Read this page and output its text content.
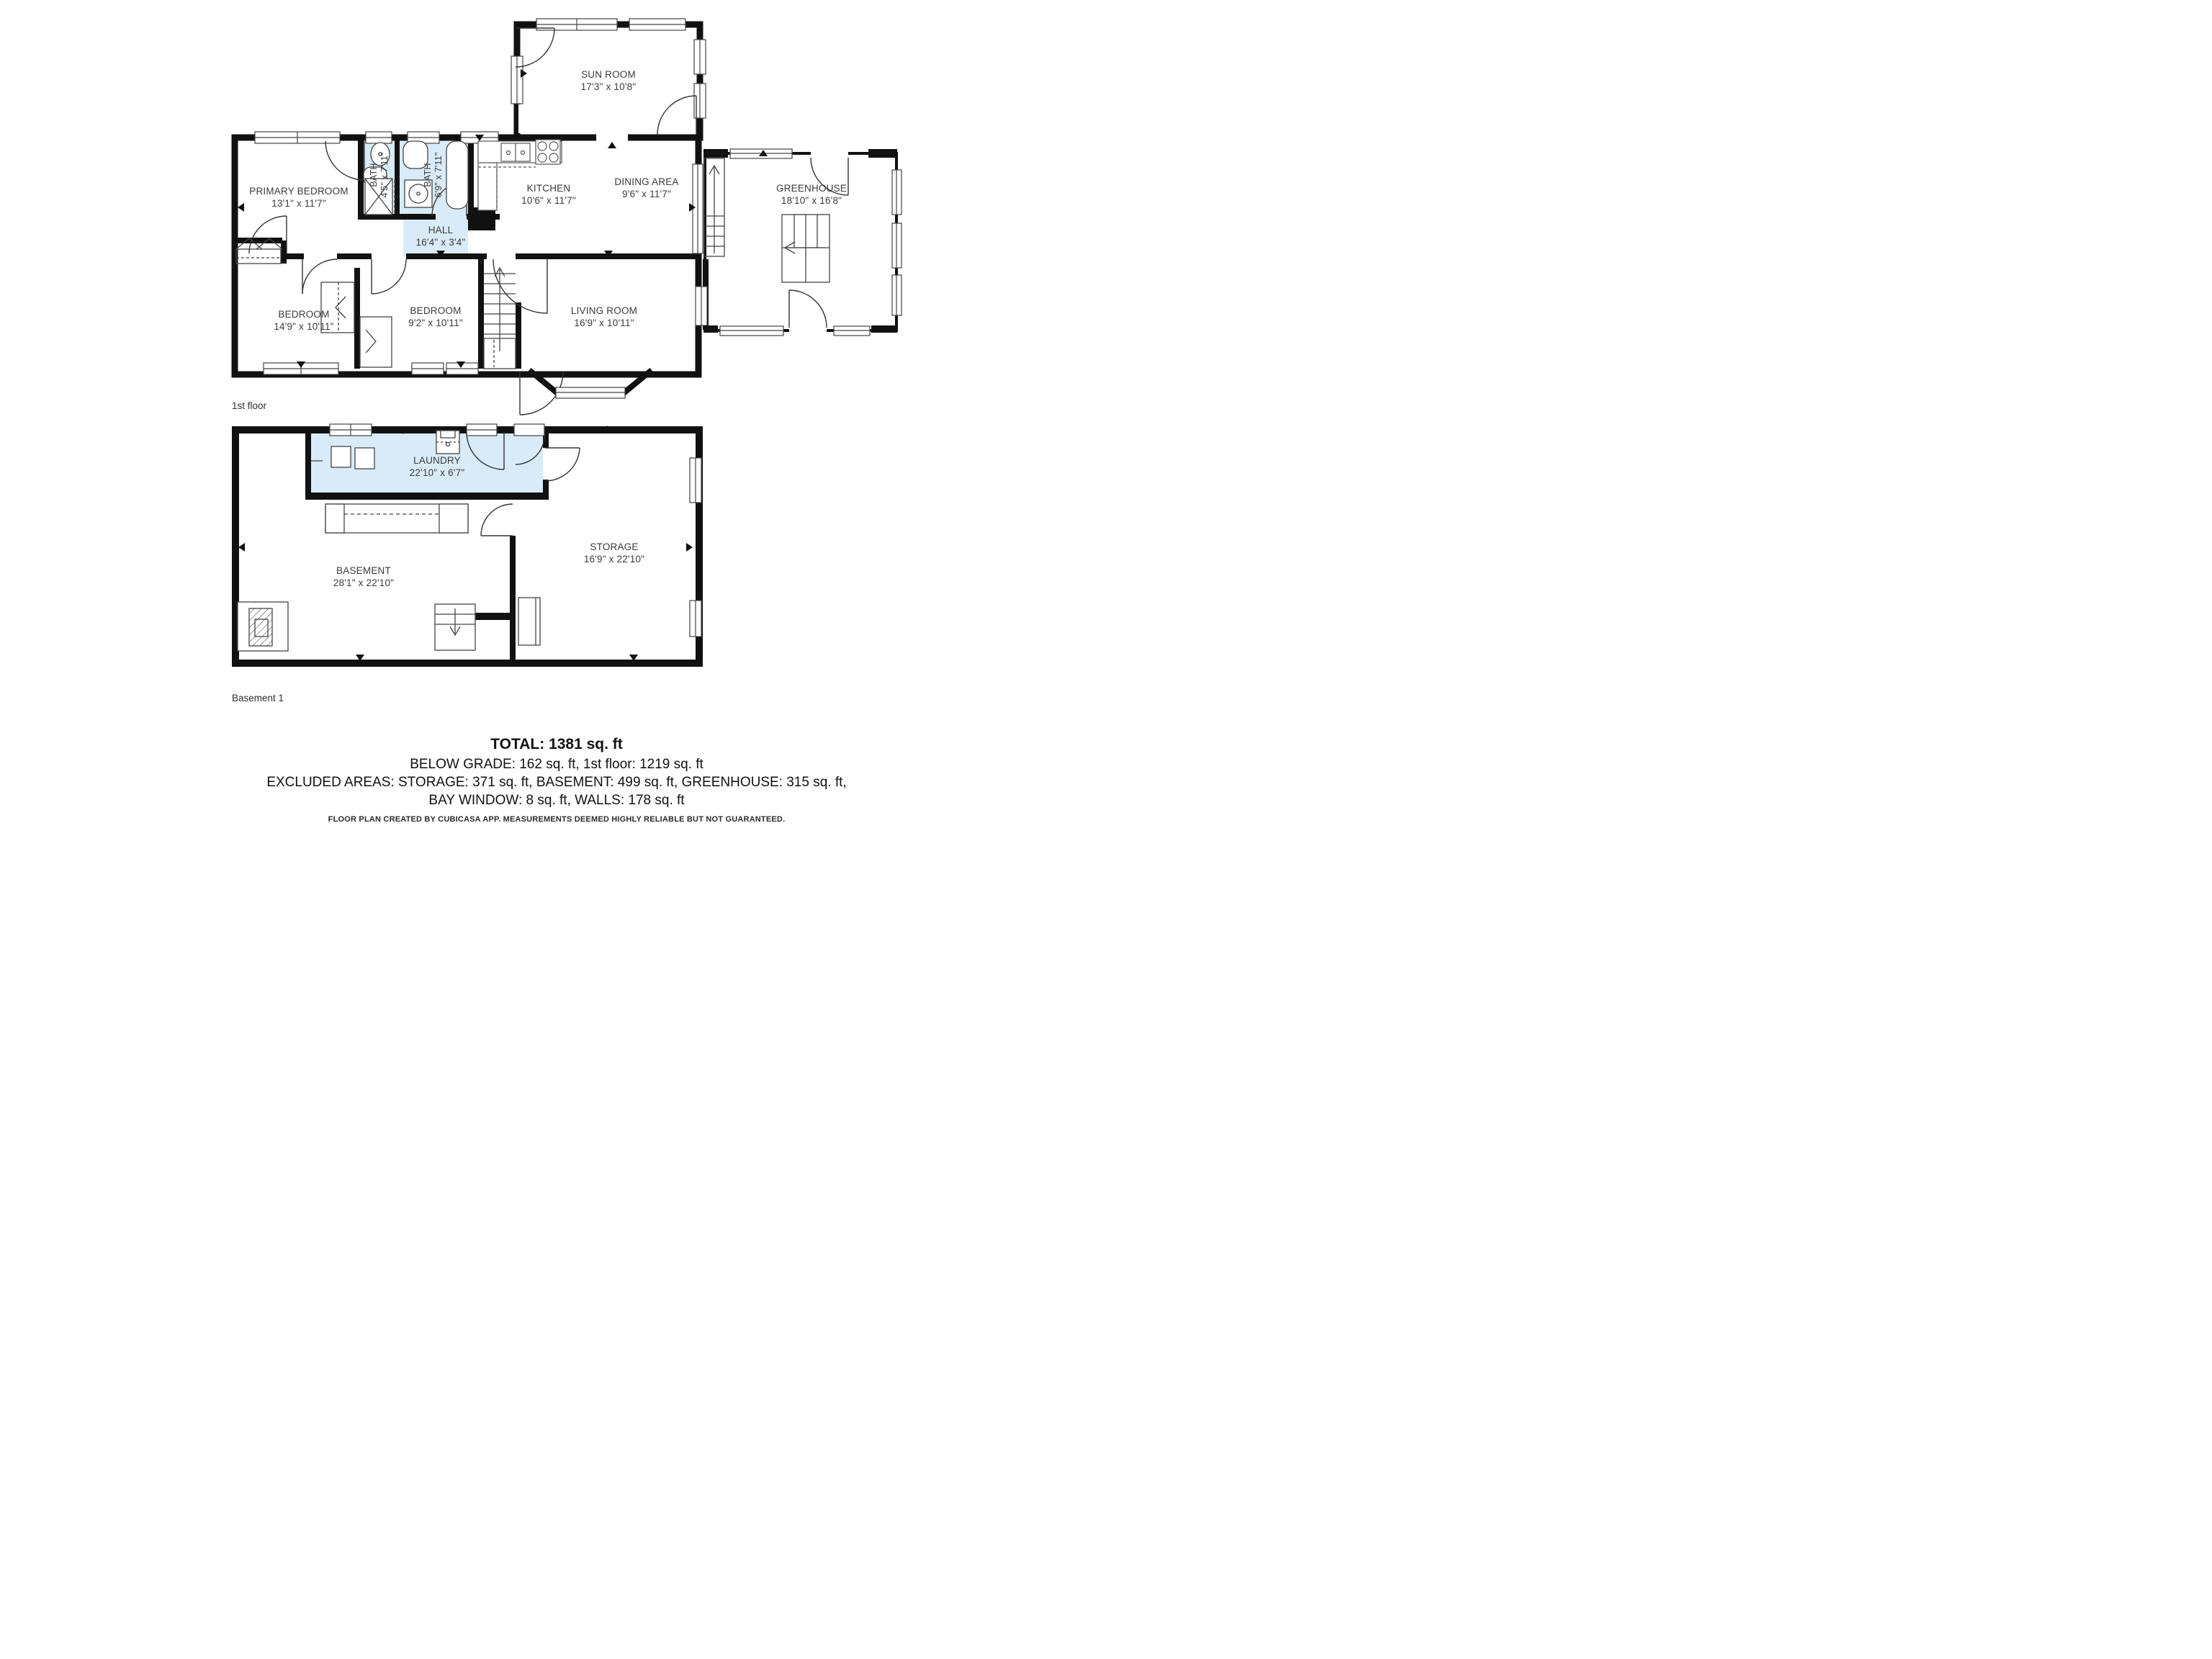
SUN ROOM
17'3" x 10'8"
PRIMARY BEDROOM
13'1" x 11'7"
BATH 4'5" x 7'11"	BATH 6'9" x 7'11"	KITCHEN
10'6" x 11'7"
DINING AREA
9'6" x 11'7"
GREENHOUSE
18'10" x 16'8"
HALL
16'4" x 3'4"
BEDROOM
14'9" x 10'11"
BEDROOM
9'2" x 10'11"
LIVING ROOM
16'9" x 10'11"
LAUNDRY
22'10" x 6'7"
BASEMENT
28'1" x 22'10"
STORAGE
16'9" x 22'10"
1st floor
Basement 1
TOTAL: 1381 sq. ft
BELOW GRADE: 162 sq. ft, 1st floor: 1219 sq. ft
EXCLUDED AREAS: STORAGE: 371 sq. ft, BASEMENT: 499 sq. ft, GREENHOUSE: 315 sq. ft,
BAY WINDOW: 8 sq. ft, WALLS: 178 sq. ft
FLOOR PLAN CREATED BY CUBICASA APP. MEASUREMENTS DEEMED HIGHLY RELIABLE BUT NOT GUARANTEED.
